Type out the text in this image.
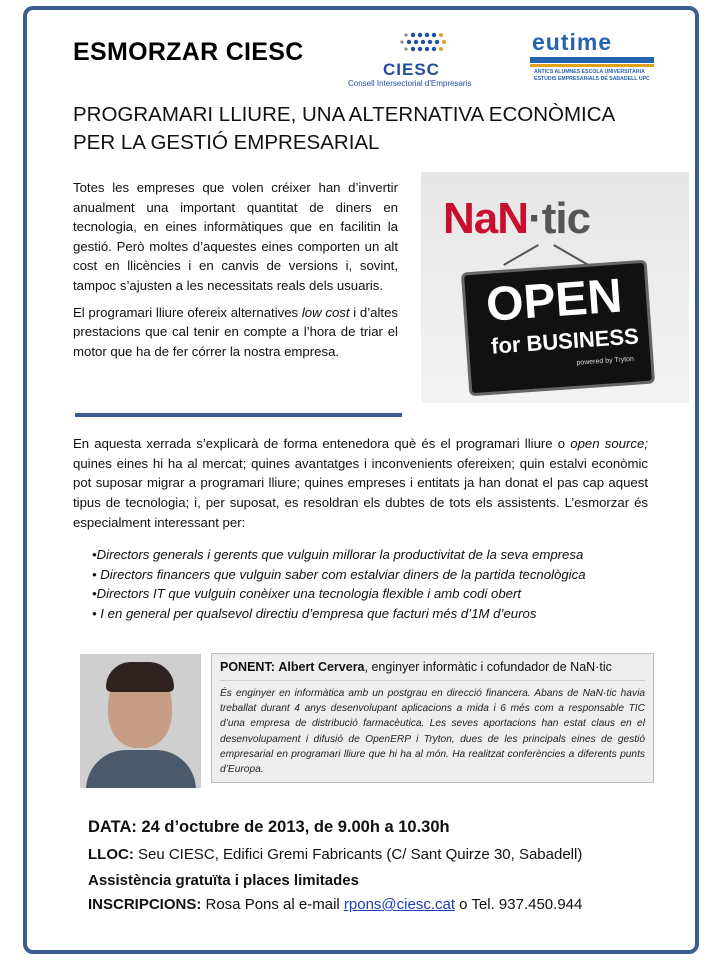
ESMORZAR CIESC
CIESC
Consell Intersectorial d'Empresaris
eutime
ANTICS ALUMNES ESCOLA UNIVERSITÀRIA
ESTUDIS EMPRESARIALS DE SABADELL UPC
PROGRAMARI LLIURE, UNA ALTERNATIVA ECONÒMICA
PER LA GESTIÓ EMPRESARIAL

Totes les empreses que volen créixer han d’invertir anualment una important quantitat de diners en tecnologia, en eines informàtiques que en facilitin la gestió. Però moltes d’aquestes eines comporten un alt cost en llicències i en canvis de versions i, sovint, tampoc s’ajusten a les necessitats reals dels usuaris.

El programari lliure ofereix alternatives low cost i d’altes prestacions que cal tenir en compte a l’hora de triar el motor que ha de fer córrer la nostra empresa.

NaN·tic
OPEN
for BUSINESS
powered by Tryton
En aquesta xerrada s’explicarà de forma entenedora què és el programari lliure o open source; quines eines hi ha al mercat; quines avantatges i inconvenients ofereixen; quin estalvi econòmic pot suposar migrar a programari lliure; quines empreses i entitats ja han donat el pas cap aquest tipus de tecnologia; i, per suposat, es resoldran els dubtes de tots els assistents. L’esmorzar és especialment interessant per:
•Directors generals i gerents que vulguin millorar la productivitat de la seva empresa
• Directors financers que vulguin saber com estalviar diners de la partida tecnològica
•Directors IT que vulguin conèixer una tecnologia flexible i amb codi obert
• I en general per qualsevol directiu d’empresa que facturi més d’1M d’euros
PONENT: Albert Cervera, enginyer informàtic i cofundador de NaN·tic
És enginyer en informàtica amb un postgrau en direcció financera. Abans de NaN·tic havia treballat durant 4 anys desenvolupant aplicacions a mida i 6 més com a responsable TIC d’una empresa de distribució farmacèutica. Les seves aportacions han estat claus en el desenvolupament i difusió de OpenERP i Tryton, dues de les principals eines de gestió empresarial en programari lliure que hi ha al món. Ha realitzat conferències a diferents punts d’Europa.
DATA: 24 d’octubre de 2013, de 9.00h a 10.30h
LLOC: Seu CIESC, Edifici Gremi Fabricants (C/ Sant Quirze 30, Sabadell)
Assistència gratuïta i places limitades
INSCRIPCIONS: Rosa Pons al e-mail rpons@ciesc.cat o Tel. 937.450.944
